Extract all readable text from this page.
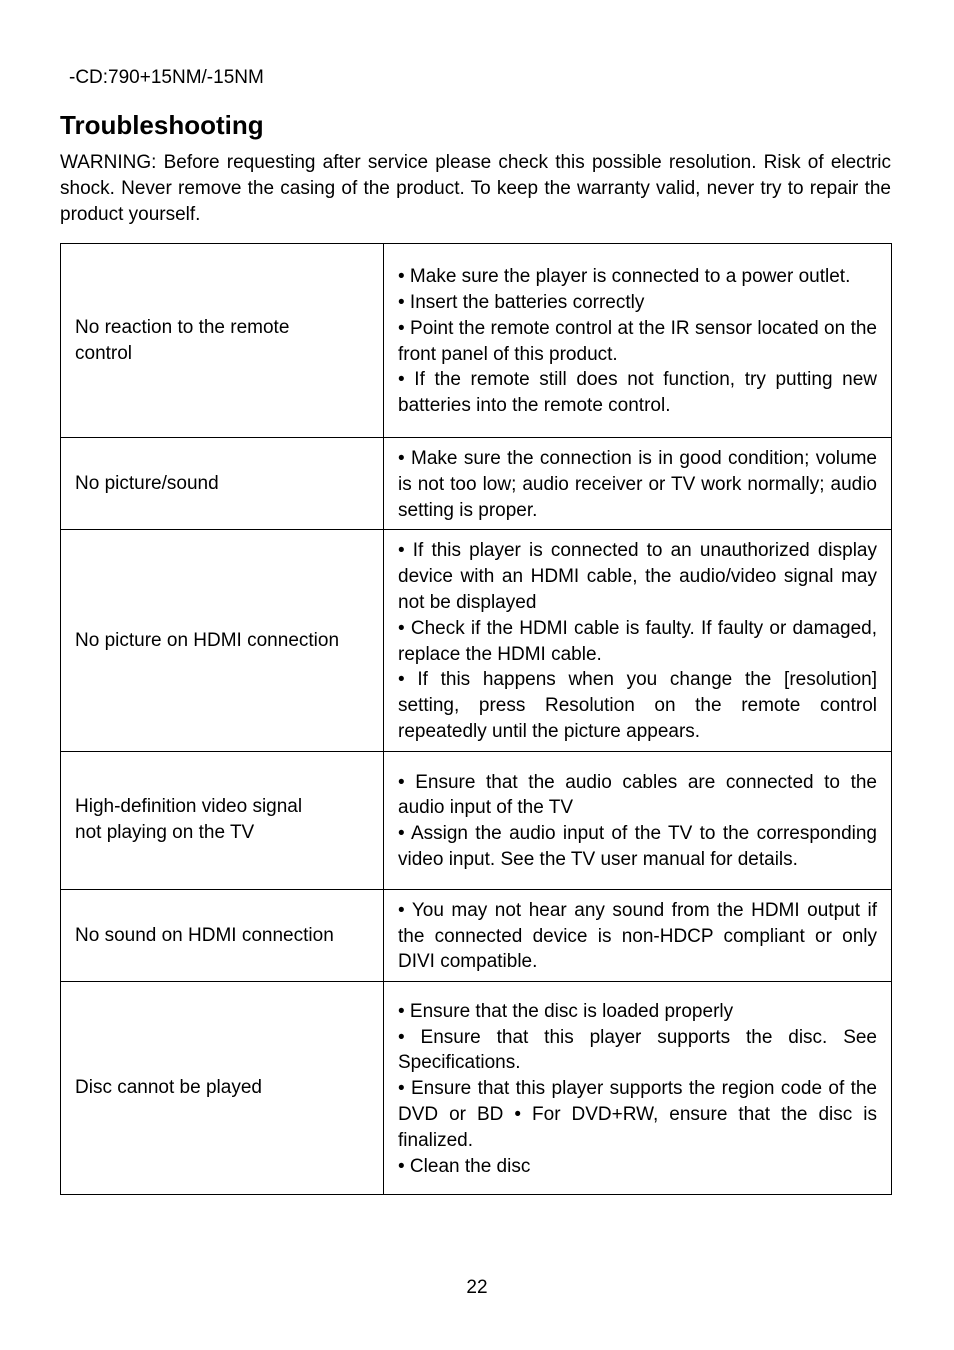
-CD:790+15NM/-15NM
Troubleshooting

WARNING: Before requesting after service please check this possible resolution. Risk of electric shock. Never remove the casing of the product. To keep the warranty valid, never try to repair the product yourself.

No reaction to the remote control	• Make sure the player is connected to a power outlet.
• Insert the batteries correctly
• Point the remote control at the IR sensor located on the front panel of this product.
• If the remote still does not function, try putting new batteries into the remote control.

No picture/sound	• Make sure the connection is in good condition; volume is not too low; audio receiver or TV work normally; audio setting is proper.

No picture on HDMI connection	• If this player is connected to an unauthorized display device with an HDMI cable, the audio/video signal may not be displayed
• Check if the HDMI cable is faulty. If faulty or damaged, replace the HDMI cable.
• If this happens when you change the [resolution] setting, press Resolution on the remote control repeatedly until the picture appears.

High-definition video signal not playing on the TV	• Ensure that the audio cables are connected to the audio input of the TV
• Assign the audio input of the TV to the corresponding video input. See the TV user manual for details.

No sound on HDMI connection	• You may not hear any sound from the HDMI output if the connected device is non-HDCP compliant or only DIVI compatible.

Disc cannot be played	• Ensure that the disc is loaded properly
• Ensure that this player supports the disc. See Specifications.
• Ensure that this player supports the region code of the DVD or BD • For DVD+RW, ensure that the disc is finalized.
• Clean the disc
22
